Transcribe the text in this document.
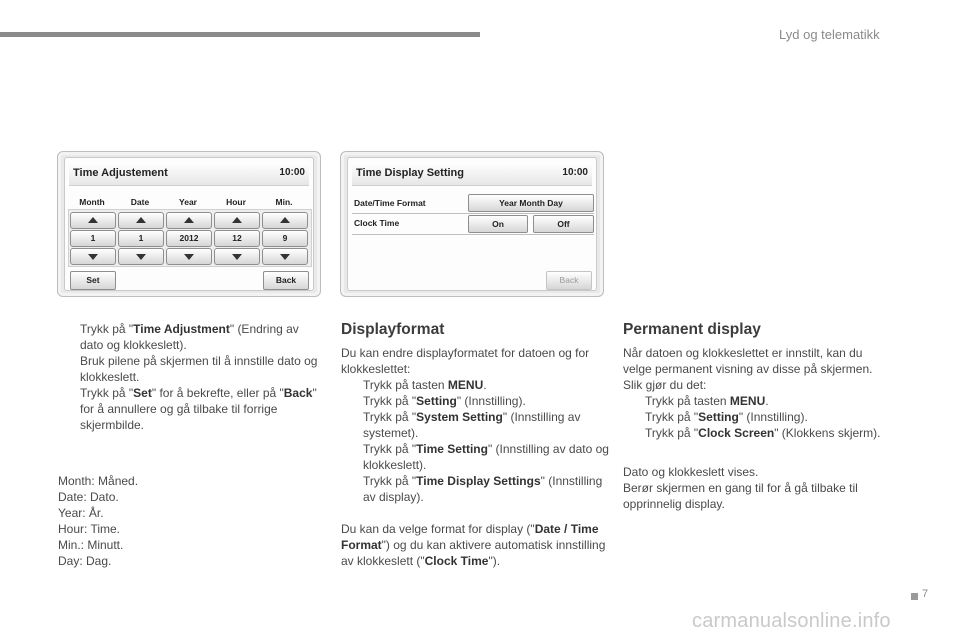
Lyd og telematikk
Time Adjustement	10:00
Month	Date	Year	Hour	Min.
1	1	2012	12	9
Set	Back
Time Display Setting	10:00
Date/Time Format	Year Month Day
Clock Time	On	Off
Back
Trykk på "Time Adjustment" (Endring av dato og klokkeslett).
Bruk pilene på skjermen til å innstille dato og klokkeslett.
Trykk på "Set" for å bekrefte, eller på "Back" for å annullere og gå tilbake til forrige skjermbilde.
Month: Måned.
Date: Dato.
Year: År.
Hour: Time.
Min.: Minutt.
Day: Dag.
Displayformat
Du kan endre displayformatet for datoen og for klokkeslettet:
Trykk på tasten MENU.
Trykk på "Setting" (Innstilling).
Trykk på "System Setting" (Innstilling av systemet).
Trykk på "Time Setting" (Innstilling av dato og klokkeslett).
Trykk på "Time Display Settings" (Innstilling av display).
Du kan da velge format for display ("Date / Time Format") og du kan aktivere automatisk innstilling av klokkeslett ("Clock Time").
Permanent display
Når datoen og klokkeslettet er innstilt, kan du velge permanent visning av disse på skjermen. Slik gjør du det:
Trykk på tasten MENU.
Trykk på "Setting" (Innstilling).
Trykk på "Clock Screen" (Klokkens skjerm).
Dato og klokkeslett vises.
Berør skjermen en gang til for å gå tilbake til opprinnelig display.
7
carmanualsonline.info
